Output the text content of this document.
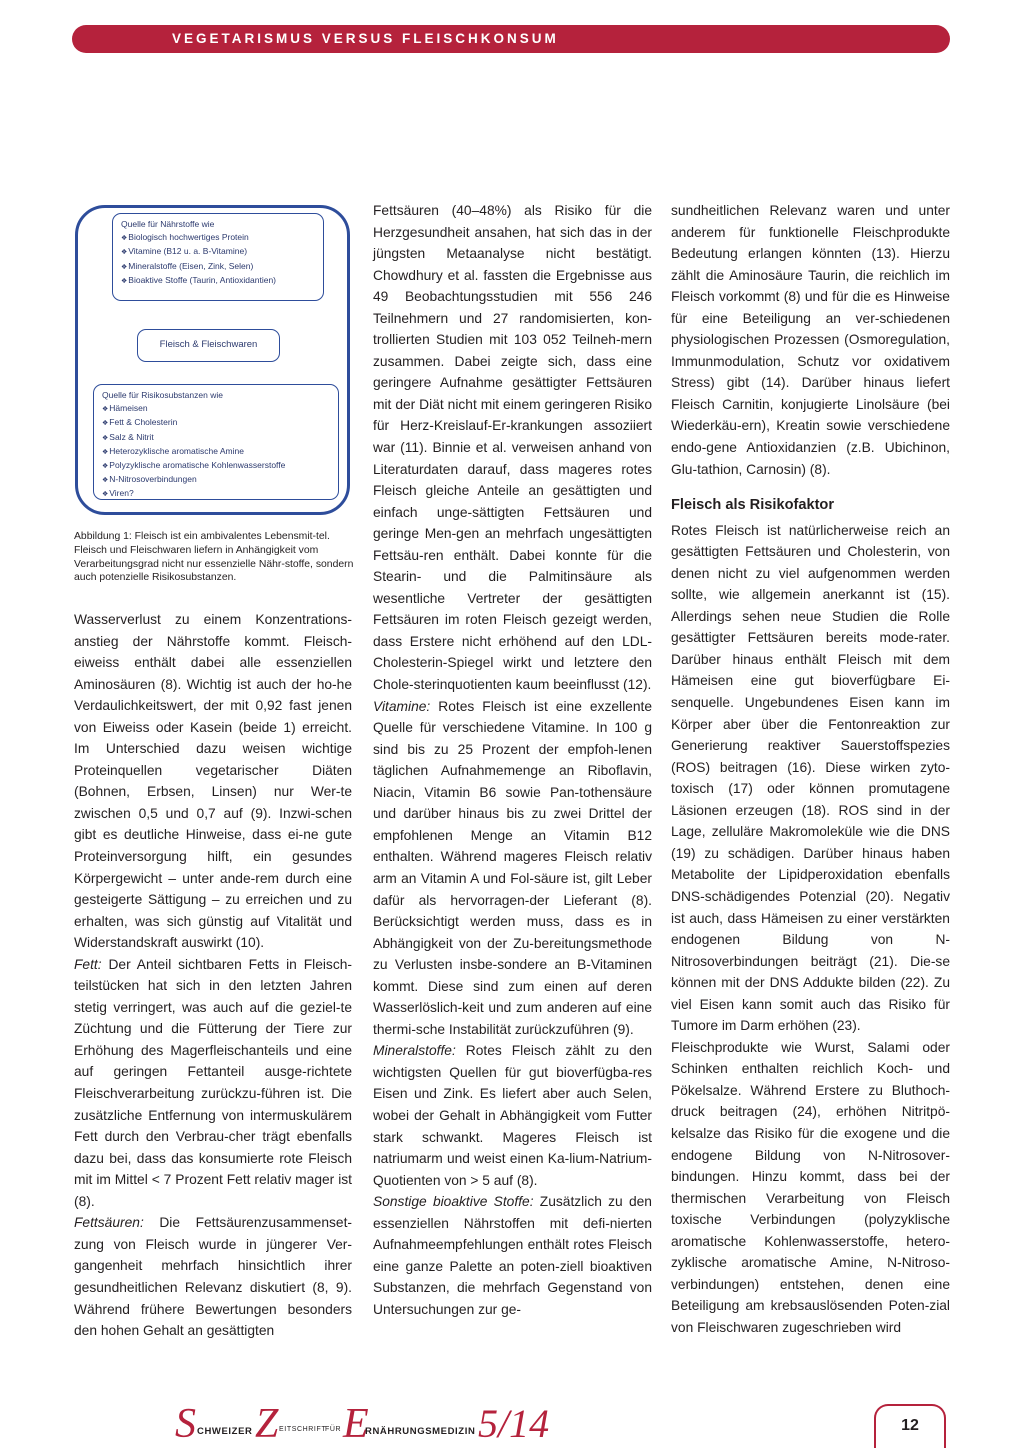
VEGETARISMUS VERSUS FLEISCHKONSUM

Quelle für Nährstoffe wie

❖ Biologisch hochwertiges Protein
❖ Vitamine (B12 u. a. B-Vitamine)
❖ Mineralstoffe (Eisen, Zink, Selen)
❖ Bioaktive Stoffe (Taurin, Antioxidantien)
Fleisch & Fleischwaren

Quelle für Risikosubstanzen wie

❖ Hämeisen
❖ Fett & Cholesterin
❖ Salz & Nitrit
❖ Heterozyklische aromatische Amine
❖ Polyzyklische aromatische Kohlenwasserstoffe
❖ N-Nitrosoverbindungen
❖ Viren?

Abbildung 1: Fleisch ist ein ambivalentes Lebensmit-tel. Fleisch und Fleischwaren liefern in Anhängigkeit vom Verarbeitungsgrad nicht nur essenzielle Nähr-stoffe, sondern auch potenzielle Risikosubstanzen.

Wasserverlust zu einem Konzentrations-anstieg der Nährstoffe kommt. Fleisch-eiweiss enthält dabei alle essenziellen Aminosäuren (8). Wichtig ist auch der ho-he Verdaulichkeitswert, der mit 0,92 fast jenen von Eiweiss oder Kasein (beide 1) erreicht. Im Unterschied dazu weisen wichtige Proteinquellen vegetarischer Diäten (Bohnen, Erbsen, Linsen) nur Wer-te zwischen 0,5 und 0,7 auf (9). Inzwi-schen gibt es deutliche Hinweise, dass ei-ne gute Proteinversorgung hilft, ein gesundes Körpergewicht – unter ande-rem durch eine gesteigerte Sättigung – zu erreichen und zu erhalten, was sich günstig auf Vitalität und Widerstandskraft auswirkt (10).

Fett: Der Anteil sichtbaren Fetts in Fleisch-teilstücken hat sich in den letzten Jahren stetig verringert, was auch auf die geziel-te Züchtung und die Fütterung der Tiere zur Erhöhung des Magerfleischanteils und eine auf geringen Fettanteil ausge-richtete Fleischverarbeitung zurückzu-führen ist. Die zusätzliche Entfernung von intermuskulärem Fett durch den Verbrau-cher trägt ebenfalls dazu bei, dass das konsumierte rote Fleisch mit im Mittel < 7 Prozent Fett relativ mager ist (8).

Fettsäuren: Die Fettsäurenzusammenset-zung von Fleisch wurde in jüngerer Ver-gangenheit mehrfach hinsichtlich ihrer gesundheitlichen Relevanz diskutiert (8, 9). Während frühere Bewertungen besonders den hohen Gehalt an gesättigten

Fettsäuren (40–48%) als Risiko für die Herzgesundheit ansahen, hat sich das in der jüngsten Metaanalyse nicht bestätigt. Chowdhury et al. fassten die Ergebnisse aus 49 Beobachtungsstudien mit 556 246 Teilnehmern und 27 randomisierten, kon-trollierten Studien mit 103 052 Teilneh-mern zusammen. Dabei zeigte sich, dass eine geringere Aufnahme gesättigter Fettsäuren mit der Diät nicht mit einem geringeren Risiko für Herz-Kreislauf-Er-krankungen assoziiert war (11). Binnie et al. verweisen anhand von Literaturdaten darauf, dass mageres rotes Fleisch gleiche Anteile an gesättigten und einfach unge-sättigten Fettsäuren und geringe Men-gen an mehrfach ungesättigten Fettsäu-ren enthält. Dabei konnte für die Stearin- und die Palmitinsäure als wesentliche Vertreter der gesättigten Fettsäuren im roten Fleisch gezeigt werden, dass Erstere nicht erhöhend auf den LDL-Cholesterin-Spiegel wirkt und letztere den Chole-sterinquotienten kaum beeinflusst (12).

Vitamine: Rotes Fleisch ist eine exzellente Quelle für verschiedene Vitamine. In 100 g sind bis zu 25 Prozent der empfoh-lenen täglichen Aufnahmemenge an Riboflavin, Niacin, Vitamin B6 sowie Pan-tothensäure und darüber hinaus bis zu zwei Drittel der empfohlenen Menge an Vitamin B12 enthalten. Während mageres Fleisch relativ arm an Vitamin A und Fol-säure ist, gilt Leber dafür als hervorragen-der Lieferant (8). Berücksichtigt werden muss, dass es in Abhängigkeit von der Zu-bereitungsmethode zu Verlusten insbe-sondere an B-Vitaminen kommt. Diese sind zum einen auf deren Wasserlöslich-keit und zum anderen auf eine thermi-sche Instabilität zurückzuführen (9).

Mineralstoffe: Rotes Fleisch zählt zu den wichtigsten Quellen für gut bioverfügba-res Eisen und Zink. Es liefert aber auch Selen, wobei der Gehalt in Abhängigkeit vom Futter stark schwankt. Mageres Fleisch ist natriumarm und weist einen Ka-lium-Natrium-Quotienten von > 5 auf (8).

Sonstige bioaktive Stoffe: Zusätzlich zu den essenziellen Nährstoffen mit defi-nierten Aufnahmeempfehlungen enthält rotes Fleisch eine ganze Palette an poten-ziell bioaktiven Substanzen, die mehrfach Gegenstand von Untersuchungen zur ge-

sundheitlichen Relevanz waren und unter anderem für funktionelle Fleischprodukte Bedeutung erlangen könnten (13). Hierzu zählt die Aminosäure Taurin, die reichlich im Fleisch vorkommt (8) und für die es Hinweise für eine Beteiligung an ver-schiedenen physiologischen Prozessen (Osmoregulation, Immunmodulation, Schutz vor oxidativem Stress) gibt (14). Darüber hinaus liefert Fleisch Carnitin, konjugierte Linolsäure (bei Wiederkäu-ern), Kreatin sowie verschiedene endo-gene Antioxidanzien (z.B. Ubichinon, Glu-tathion, Carnosin) (8).

Fleisch als Risikofaktor

Rotes Fleisch ist natürlicherweise reich an gesättigten Fettsäuren und Cholesterin, von denen nicht zu viel aufgenommen werden sollte, wie allgemein anerkannt ist (15). Allerdings sehen neue Studien die Rolle gesättigter Fettsäuren bereits mode-rater. Darüber hinaus enthält Fleisch mit dem Hämeisen eine gut bioverfügbare Ei-senquelle. Ungebundenes Eisen kann im Körper aber über die Fentonreaktion zur Generierung reaktiver Sauerstoffspezies (ROS) beitragen (16). Diese wirken zyto-toxisch (17) oder können promutagene Läsionen erzeugen (18). ROS sind in der Lage, zelluläre Makromoleküle wie die DNS (19) zu schädigen. Darüber hinaus haben Metabolite der Lipidperoxidation ebenfalls DNS-schädigendes Potenzial (20). Negativ ist auch, dass Hämeisen zu einer verstärkten endogenen Bildung von N-Nitrosoverbindungen beiträgt (21). Die-se können mit der DNS Addukte bilden (22). Zu viel Eisen kann somit auch das Risiko für Tumore im Darm erhöhen (23).

Fleischprodukte wie Wurst, Salami oder Schinken enthalten reichlich Koch- und Pökelsalze. Während Erstere zu Bluthoch-druck beitragen (24), erhöhen Nitritpö-kelsalze das Risiko für die exogene und die endogene Bildung von N-Nitrosover-bindungen. Hinzu kommt, dass bei der thermischen Verarbeitung von Fleisch toxische Verbindungen (polyzyklische aromatische Kohlenwasserstoffe, hetero-zyklische aromatische Amine, N-Nitroso-verbindungen) entstehen, denen eine Beteiligung am krebsauslösenden Poten-zial von Fleischwaren zugeschrieben wird

S CHWEIZER Z EITSCHRIFT
FÜR E
RNÄHRUNGSMEDIZIN 5/14	12
